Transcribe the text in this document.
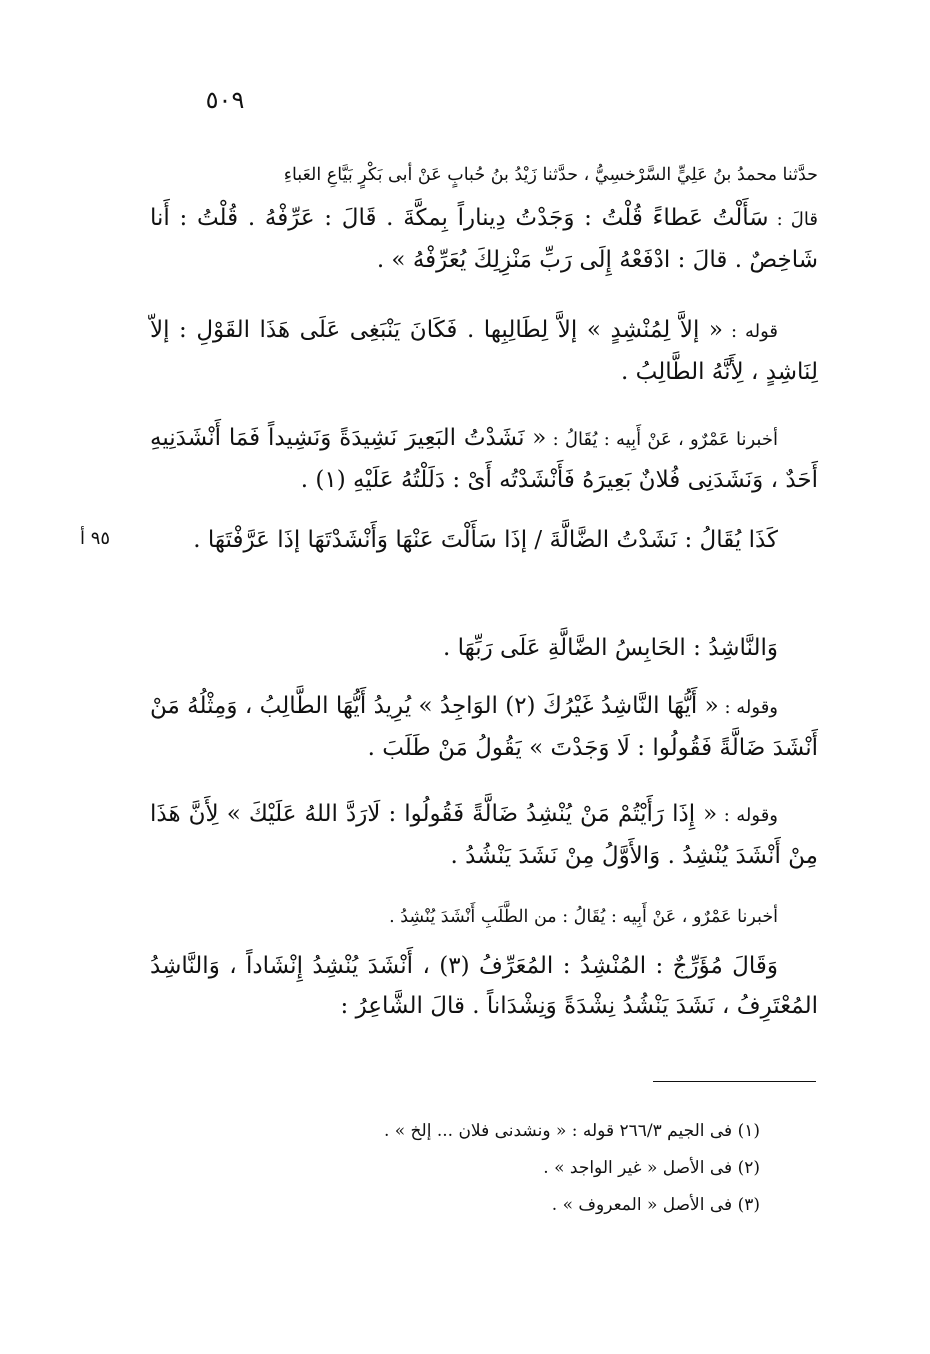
٥٠٩
حدَّثنا محمدُ بنُ عَلِيٍّ السَّرْخسِيُّ ، حدَّثنا زَيْدُ بنُ حُبابٍ عَنْ أبى بَكْرٍ بَيَّاعِ العَباءِ
قالَ : سَأَلْتُ عَطاءً قُلْتُ : وَجَدْتُ دِيناراً بِمكَّةَ . قَالَ : عَرِّفْهُ . قُلْتُ : أَنا شَاخِصٌ . قالَ : ادْفَعْهُ إِلَى رَبِّ مَنْزِلِكَ يُعَرِّفْهُ » .
قوله : « إلاَّ لِمُنْشِدٍ » إلاَّ لِطَالِبِها . فَكَانَ يَنْبَغِى عَلَى هَذَا القَوْلِ : إلاّ لِنَاشِدٍ ، لِأَنَّهُ الطَّالِبُ .
أخبرنا عَمْرٌو ، عَنْ أَبِيه : يُقَالُ : « نَشَدْتُ البَعِيرَ نَشِيدَةً وَنَشِيداً فَمَا أَنْشَدَنِيهِ أَحَدٌ ، وَنَشَدَنِى فُلانٌ بَعِيرَهُ فَأَنْشَدْتُه أَىْ : دَلَلْتُهُ عَلَيْهِ (١) .
٩٥ أ	كَذَا يُقَالُ : نَشَدْتُ الضَّالَّةَ / إذَا سَأَلْتَ عَنْهَا وَأَنْشَدْتَهَا إذَا عَرَّفْتَهَا .
وَالنَّاشِدُ : الحَابِسُ الضَّالَّةِ عَلَى رَبِّهَا .
وقوله : « أَيُّهَا النَّاشِدُ غَيْرُكَ (٢) الوَاجِدُ » يُرِيدُ أَيُّهَا الطَّالِبُ ، وَمِثْلُهُ مَنْ أَنْشَدَ ضَالَّةً فَقُولُوا : لَا وَجَدْتَ » يَقُولُ مَنْ طَلَبَ .
وقوله : « إِذَا رَأَيْتُمْ مَنْ يُنْشِدُ ضَالَّةً فَقُولُوا : لَارَدَّ اللهُ عَلَيْكَ » لِأَنَّ هَذَا مِنْ أَنْشَدَ يُنْشِدُ . وَالأَوَّلُ مِنْ نَشَدَ يَنْشُدُ .
أخبرنا عَمْرٌو ، عَنْ أَبِيه : يُقَالُ : من الطَّلَبِ أَنْشَدَ يُنْشِدُ .
وَقَالَ مُؤَرِّجٌ : المُنْشِدُ : المُعَرِّفُ (٣) ، أَنْشَدَ يُنْشِدُ إِنْشَاداً ، وَالنَّاشِدُ المُعْتَرِفُ ، نَشَدَ يَنْشُدُ نِشْدَةً وَنِشْدَاناً . قالَ الشَّاعِرُ :
(١) فى الجيم ٢٦٦/٣ قوله : « ونشدنى فلان ... إلخ » .
(٢) فى الأصل « غير الواجد » .
(٣) فى الأصل « المعروف » .
